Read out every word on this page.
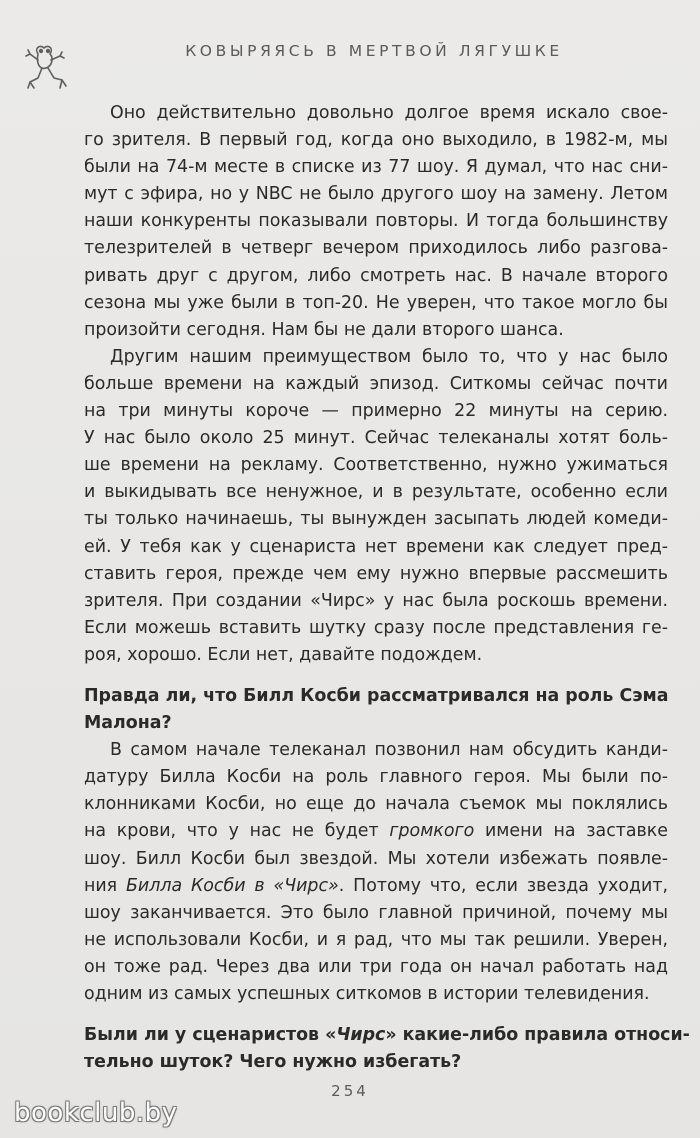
КОВЫРЯЯСЬ В МЕРТВОЙ ЛЯГУШКЕ
Оно действительно довольно долгое время искало свое-
го зрителя. В первый год, когда оно выходило, в 1982-м, мы
были на 74-м месте в списке из 77 шоу. Я думал, что нас сни-
мут с эфира, но у NBC не было другого шоу на замену. Летом
наши конкуренты показывали повторы. И тогда большинству
телезрителей в четверг вечером приходилось либо разгова-
ривать друг с другом, либо смотреть нас. В начале второго
сезона мы уже были в топ-20. Не уверен, что такое могло бы
произойти сегодня. Нам бы не дали второго шанса.
Другим нашим преимуществом было то, что у нас было
больше времени на каждый эпизод. Ситкомы сейчас почти
на три минуты короче — примерно 22 минуты на серию.
У нас было около 25 минут. Сейчас телеканалы хотят боль-
ше времени на рекламу. Соответственно, нужно ужиматься
и выкидывать все ненужное, и в результате, особенно если
ты только начинаешь, ты вынужден засыпать людей комеди-
ей. У тебя как у сценариста нет времени как следует пред-
ставить героя, прежде чем ему нужно впервые рассмешить
зрителя. При создании «Чирс» у нас была роскошь времени.
Если можешь вставить шутку сразу после представления ге-
роя, хорошо. Если нет, давайте подождем.
Правда ли, что Билл Косби рассматривался на роль Сэма
Малона?
В самом начале телеканал позвонил нам обсудить канди-
датуру Билла Косби на роль главного героя. Мы были по-
клонниками Косби, но еще до начала съемок мы поклялись
на крови, что у нас не будет громкого имени на заставке
шоу. Билл Косби был звездой. Мы хотели избежать появле-
ния Билла Косби в «Чирс». Потому что, если звезда уходит,
шоу заканчивается. Это было главной причиной, почему мы
не использовали Косби, и я рад, что мы так решили. Уверен,
он тоже рад. Через два или три года он начал работать над
одним из самых успешных ситкомов в истории телевидения.
Были ли у сценаристов «Чирс» какие-либо правила относи-
тельно шуток? Чего нужно избегать?
254
bookclub.by
